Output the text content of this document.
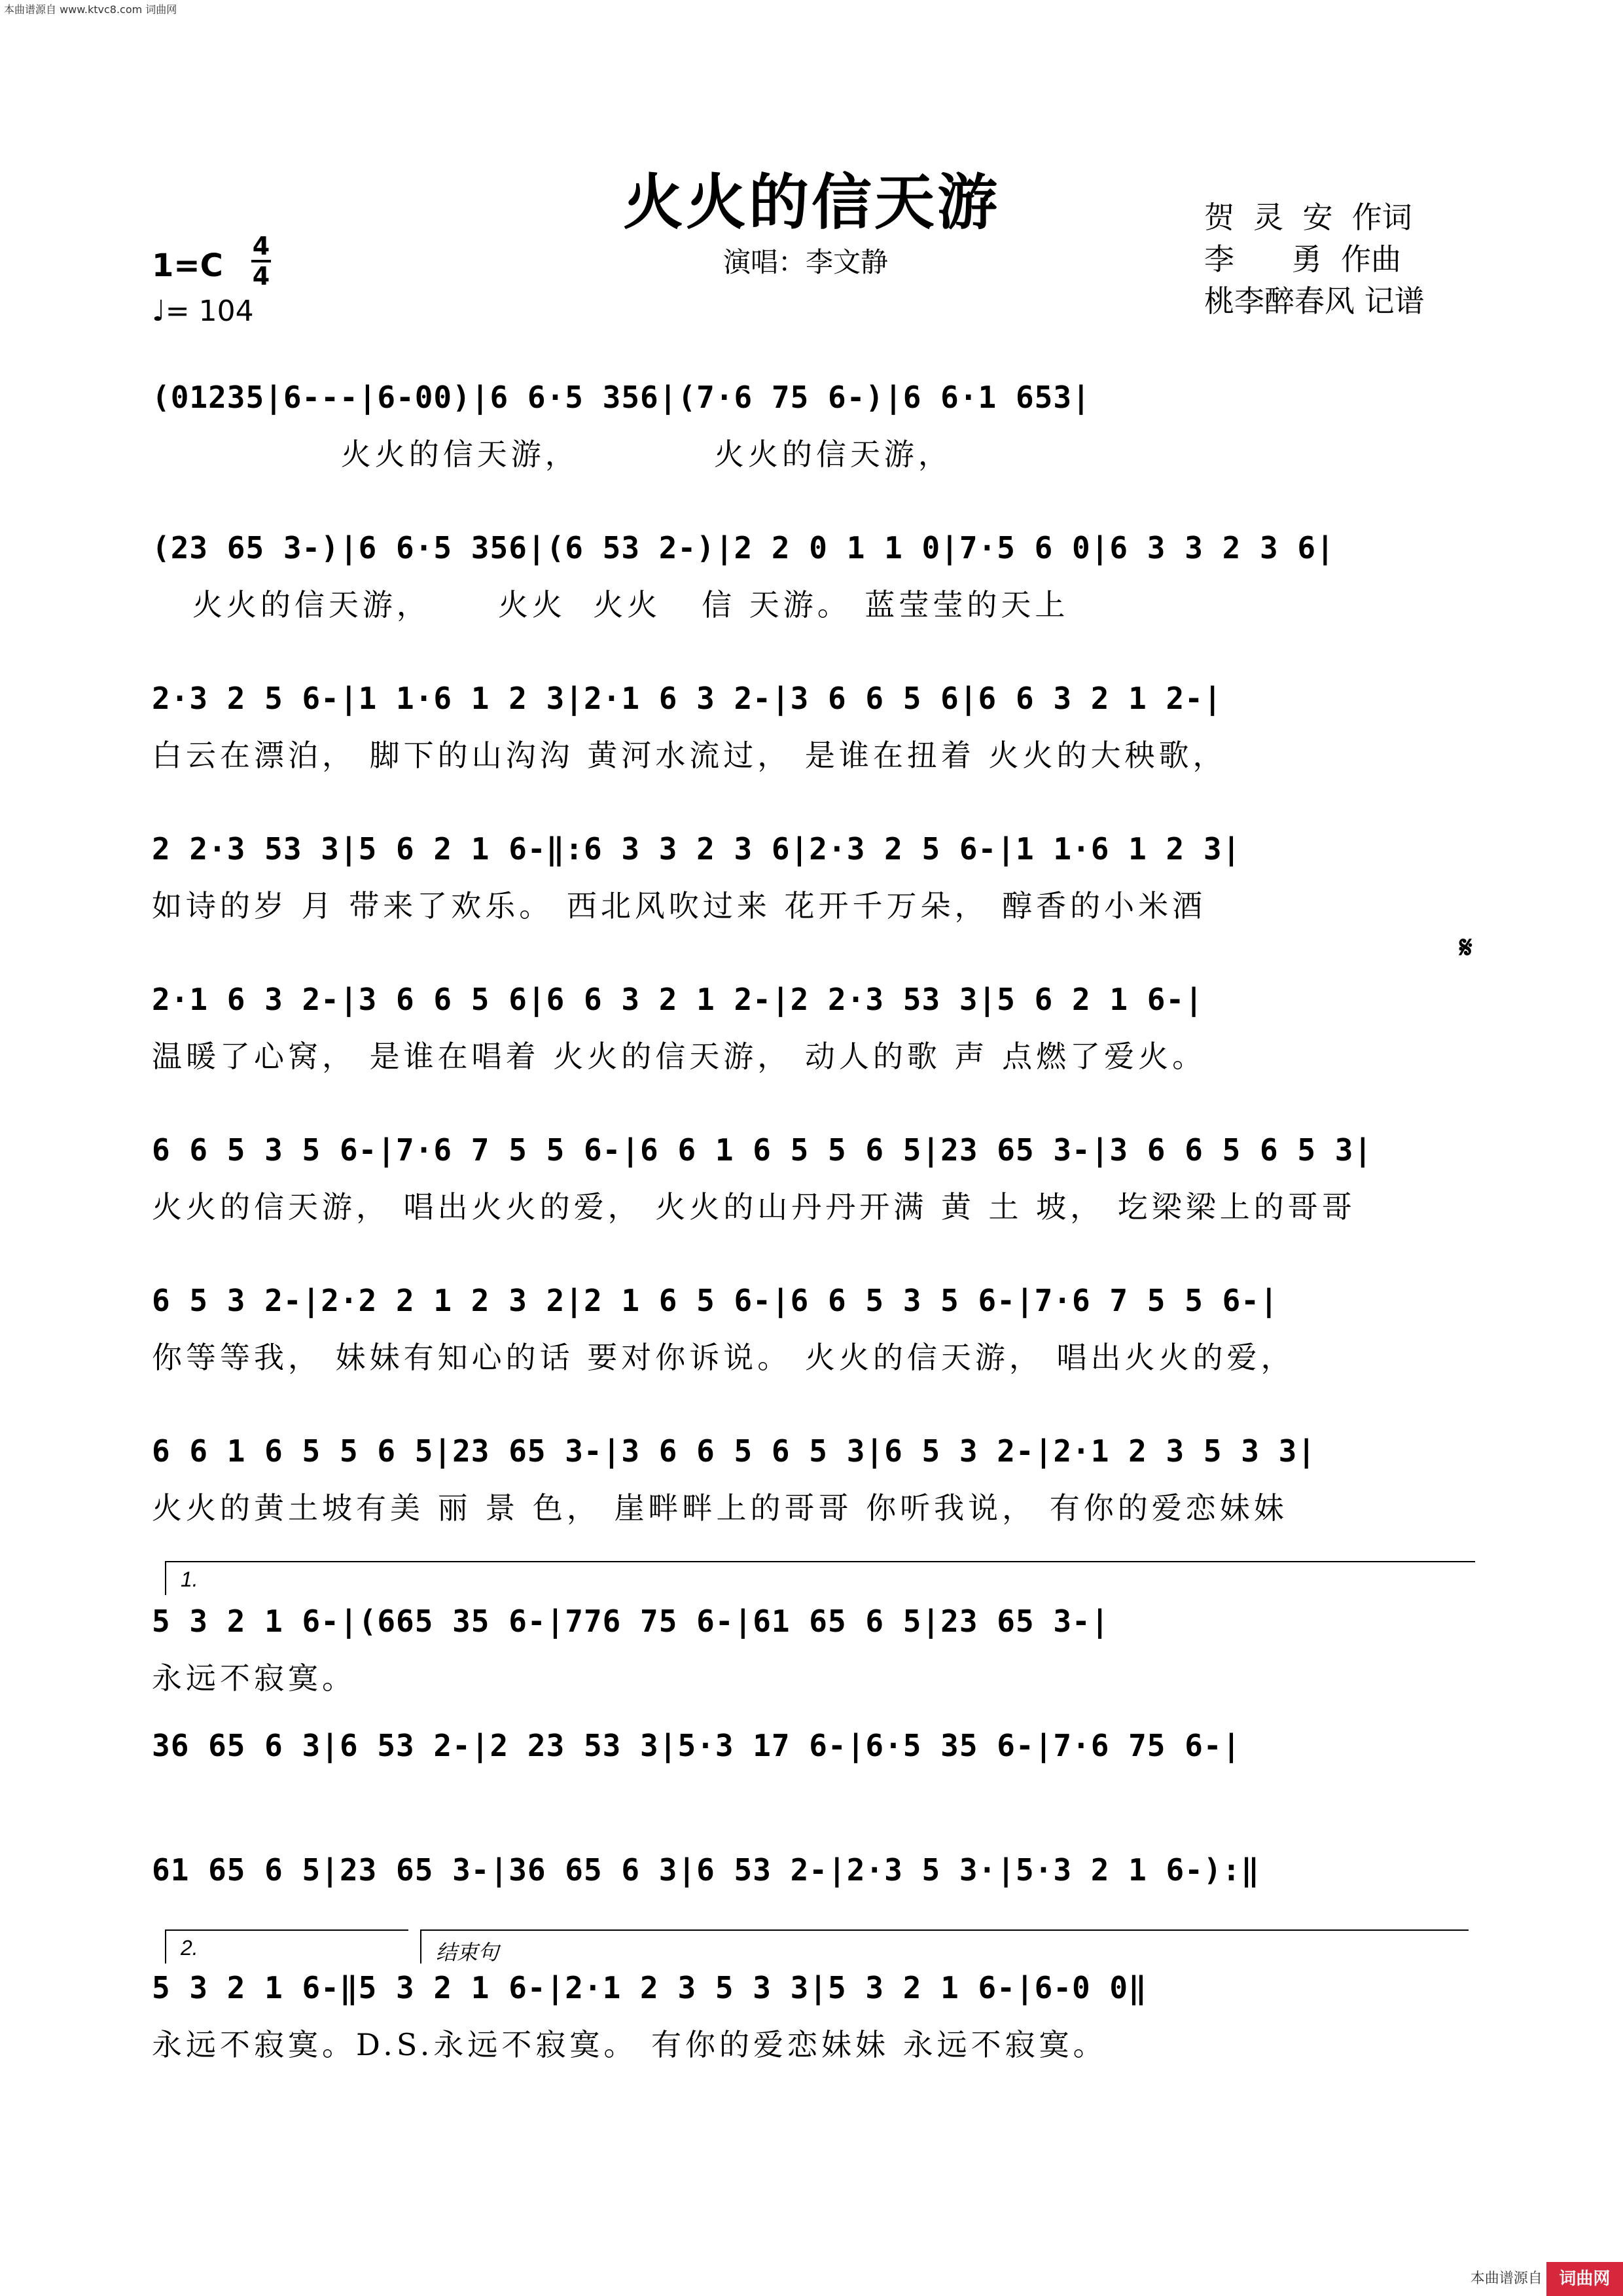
本曲谱源自 www.ktvc8.com 词曲网
火火的信天游
演唱：李文静
贺  灵  安  作词
李      勇  作曲
桃李醉春风 记谱
1=C
4
4
♩= 104
𝄋
(01235|6---|6-00)|6 6·5 356|(7·6 75 6-)|6 6·1 653|
火火的信天游，          火火的信天游，
(23 65 3-)|6 6·5 356|(6 53 2-)|2 2 0 1 1 0|7·5 6 0|6 3 3 2 3 6|
火火的信天游，     火火  火火   信 天游。 蓝莹莹的天上
2·3 2 5 6-|1 1·6 1 2 3|2·1 6 3 2-|3 6 6 5 6|6 6 3 2 1 2-|
白云在漂泊， 脚下的山沟沟 黄河水流过， 是谁在扭着 火火的大秧歌，
2 2·3 53 3|5 6 2 1 6-‖:6 3 3 2 3 6|2·3 2 5 6-|1 1·6 1 2 3|
如诗的岁 月 带来了欢乐。 西北风吹过来 花开千万朵， 醇香的小米酒
2·1 6 3 2-|3 6 6 5 6|6 6 3 2 1 2-|2 2·3 53 3|5 6 2 1 6-|
温暖了心窝， 是谁在唱着 火火的信天游， 动人的歌 声 点燃了爱火。
6 6 5 3 5 6-|7·6 7 5 5 6-|6 6 1 6 5 5 6 5|23 65 3-|3 6 6 5 6 5 3|
火火的信天游， 唱出火火的爱， 火火的山丹丹开满 黄 土 坡， 圪梁梁上的哥哥
6 5 3 2-|2·2 2 1 2 3 2|2 1 6 5 6-|6 6 5 3 5 6-|7·6 7 5 5 6-|
你等等我， 妹妹有知心的话 要对你诉说。 火火的信天游， 唱出火火的爱，
6 6 1 6 5 5 6 5|23 65 3-|3 6 6 5 6 5 3|6 5 3 2-|2·1 2 3 5 3 3|
火火的黄土坡有美 丽 景 色， 崖畔畔上的哥哥 你听我说， 有你的爱恋妹妹
1.
5 3 2 1 6-|(665 35 6-|776 75 6-|61 65 6 5|23 65 3-|
永远不寂寞。
36 65 6 3|6 53 2-|2 23 53 3|5·3 17 6-|6·5 35 6-|7·6 75 6-|
61 65 6 5|23 65 3-|36 65 6 3|6 53 2-|2·3 5 3·|5·3 2 1 6-):‖
2.	结束句
5 3 2 1 6-‖5 3 2 1 6-|2·1 2 3 5 3 3|5 3 2 1 6-|6-0 0‖
永远不寂寞。D.S.永远不寂寞。 有你的爱恋妹妹 永远不寂寞。
本曲谱源自 词曲网
